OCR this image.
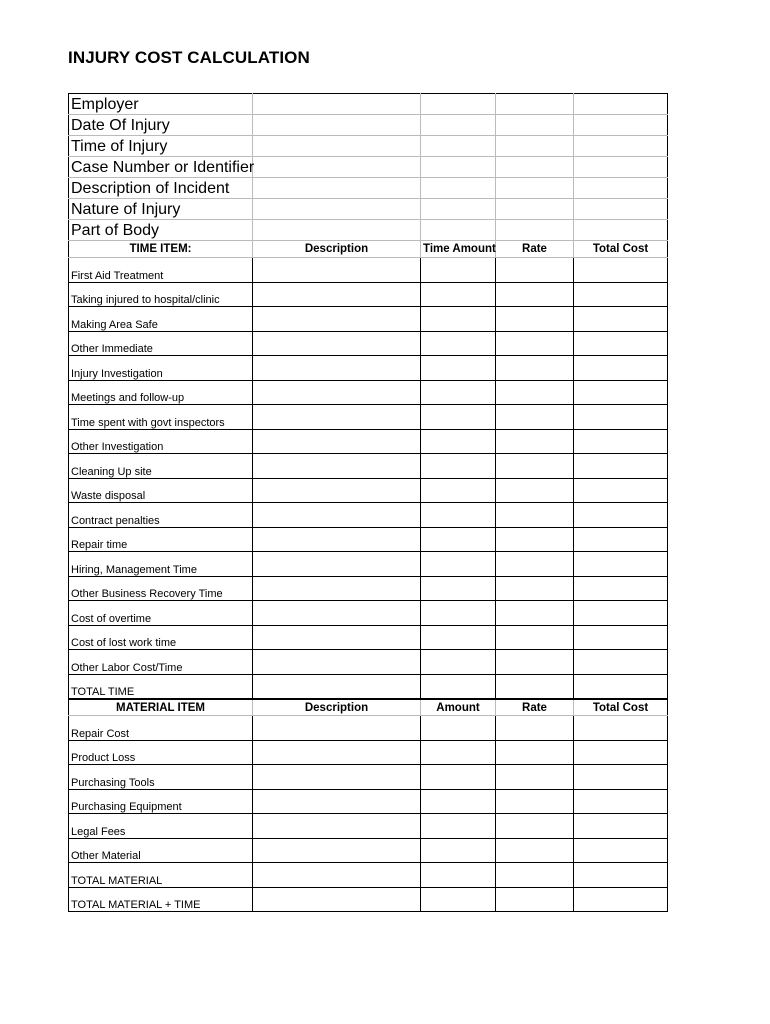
INJURY COST CALCULATION
Employer				
Date Of Injury				
Time of Injury				
Case Number or Identifier				
Description of Incident				
Nature of Injury				
Part of Body				
TIME ITEM:	Description	Time Amount	Rate	Total Cost
First Aid Treatment				
Taking injured to hospital/clinic				
Making Area Safe				
Other Immediate				
Injury Investigation				
Meetings and follow-up				
Time spent with govt inspectors				
Other Investigation				
Cleaning Up site				
Waste disposal				
Contract penalties				
Repair time				
Hiring, Management Time				
Other Business Recovery Time				
Cost of overtime				
Cost of lost work time				
Other Labor Cost/Time				
TOTAL TIME				
MATERIAL ITEM	Description	Amount	Rate	Total Cost
Repair Cost				
Product Loss				
Purchasing Tools				
Purchasing Equipment				
Legal Fees				
Other Material				
TOTAL MATERIAL				
TOTAL MATERIAL + TIME				
